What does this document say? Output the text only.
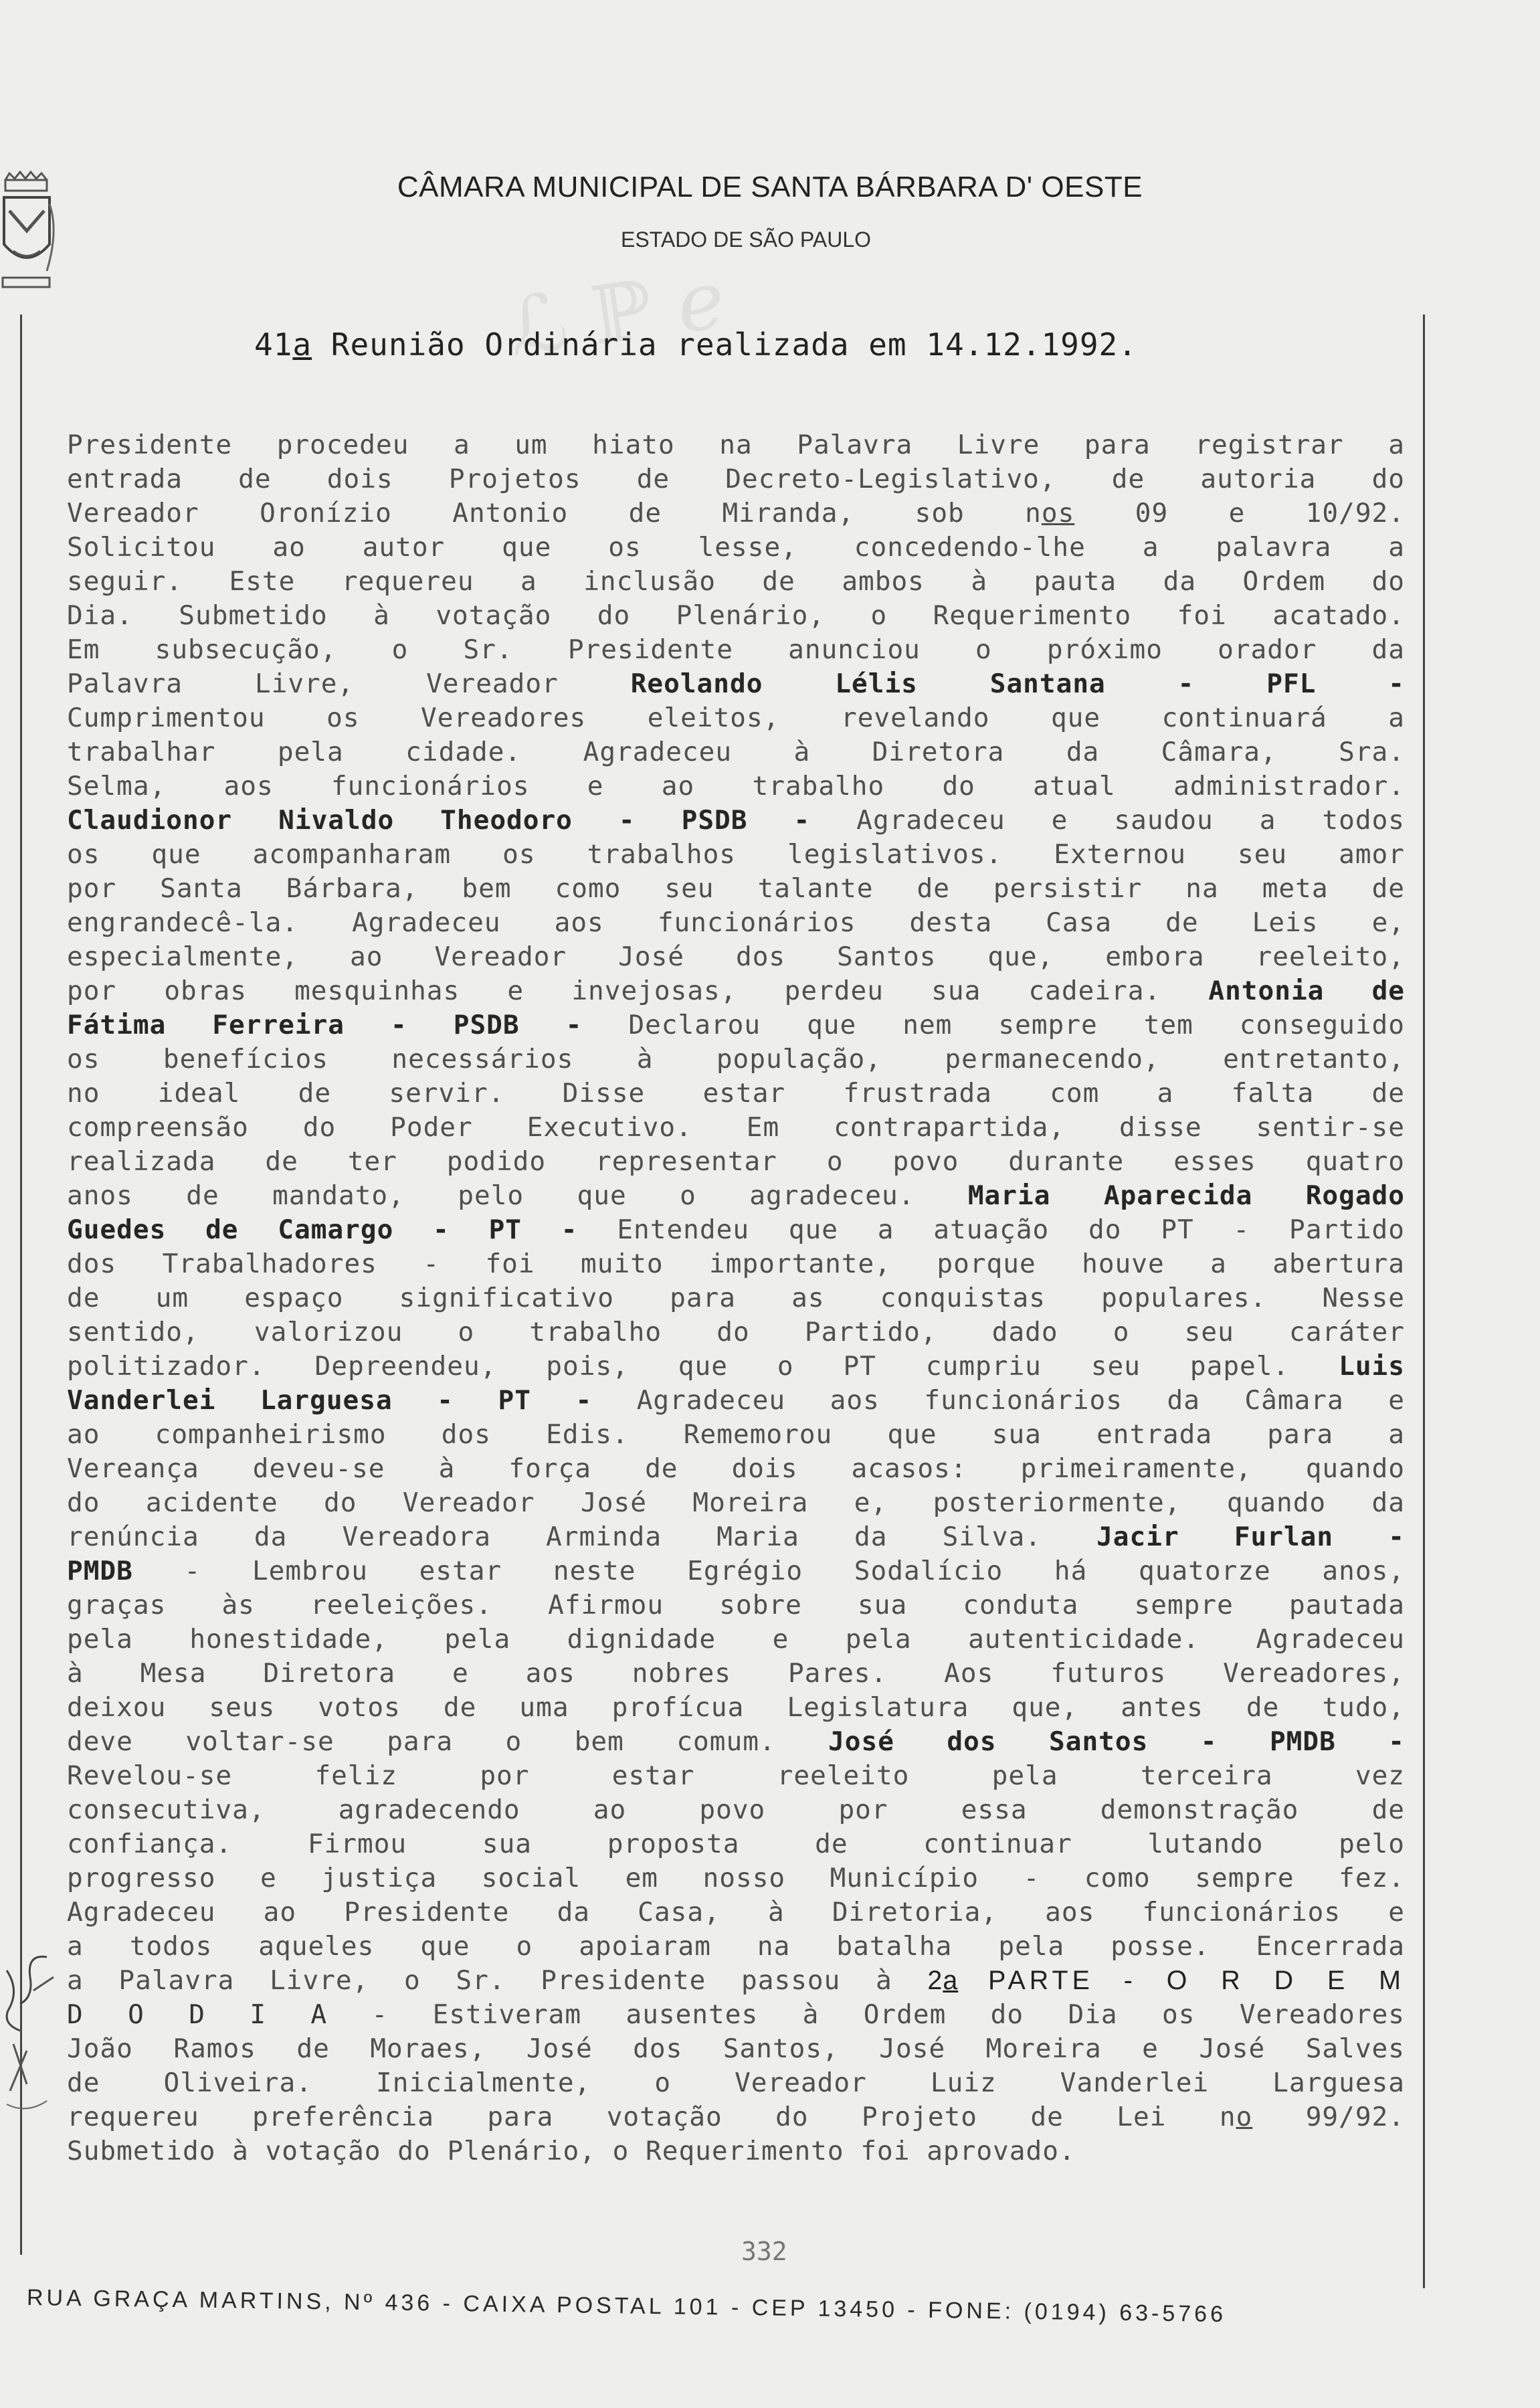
CÂMARA MUNICIPAL DE SANTA BÁRBARA D' OESTE
ESTADO DE SÃO PAULO
ℒ ℙ ℯ
41a Reunião Ordinária realizada em 14.12.1992.
Presidente procedeu a um hiato na Palavra Livre para registrar a
entrada de dois Projetos de Decreto-Legislativo, de autoria do
Vereador Oronízio Antonio de Miranda, sob nos 09 e 10/92.
Solicitou ao autor que os lesse, concedendo-lhe a palavra a
seguir. Este requereu a inclusão de ambos à pauta da Ordem do
Dia. Submetido à votação do Plenário, o Requerimento foi acatado.
Em subsecução, o Sr. Presidente anunciou o próximo orador da
Palavra Livre, Vereador Reolando Lélis Santana - PFL -
Cumprimentou os Vereadores eleitos, revelando que continuará a
trabalhar pela cidade. Agradeceu à Diretora da Câmara, Sra.
Selma, aos funcionários e ao trabalho do atual administrador.
Claudionor Nivaldo Theodoro - PSDB - Agradeceu e saudou a todos
os que acompanharam os trabalhos legislativos. Externou seu amor
por Santa Bárbara, bem como seu talante de persistir na meta de
engrandecê-la. Agradeceu aos funcionários desta Casa de Leis e,
especialmente, ao Vereador José dos Santos que, embora reeleito,
por obras mesquinhas e invejosas, perdeu sua cadeira. Antonia de
Fátima Ferreira - PSDB - Declarou que nem sempre tem conseguido
os benefícios necessários à população, permanecendo, entretanto,
no ideal de servir. Disse estar frustrada com a falta de
compreensão do Poder Executivo. Em contrapartida, disse sentir-se
realizada de ter podido representar o povo durante esses quatro
anos de mandato, pelo que o agradeceu. Maria Aparecida Rogado
Guedes de Camargo - PT - Entendeu que a atuação do PT - Partido
dos Trabalhadores - foi muito importante, porque houve a abertura
de um espaço significativo para as conquistas populares. Nesse
sentido, valorizou o trabalho do Partido, dado o seu caráter
politizador. Depreendeu, pois, que o PT cumpriu seu papel. Luis
Vanderlei Larguesa - PT - Agradeceu aos funcionários da Câmara e
ao companheirismo dos Edis. Rememorou que sua entrada para a
Vereança deveu-se à força de dois acasos: primeiramente, quando
do acidente do Vereador José Moreira e, posteriormente, quando da
renúncia da Vereadora Arminda Maria da Silva. Jacir Furlan -
PMDB - Lembrou estar neste Egrégio Sodalício há quatorze anos,
graças às reeleições. Afirmou sobre sua conduta sempre pautada
pela honestidade, pela dignidade e pela autenticidade. Agradeceu
à Mesa Diretora e aos nobres Pares. Aos futuros Vereadores,
deixou seus votos de uma profícua Legislatura que, antes de tudo,
deve voltar-se para o bem comum. José dos Santos - PMDB -
Revelou-se feliz por estar reeleito pela terceira vez
consecutiva, agradecendo ao povo por essa demonstração de
confiança. Firmou sua proposta de continuar lutando pelo
progresso e justiça social em nosso Município - como sempre fez.
Agradeceu ao Presidente da Casa, à Diretoria, aos funcionários e
a todos aqueles que o apoiaram na batalha pela posse. Encerrada
a Palavra Livre, o Sr. Presidente passou à 2a PARTE - O R D E M
D O D I A - Estiveram ausentes à Ordem do Dia os Vereadores
João Ramos de Moraes, José dos Santos, José Moreira e José Salves
de Oliveira. Inicialmente, o Vereador Luiz Vanderlei Larguesa
requereu preferência para votação do Projeto de Lei no 99/92.
Submetido à votação do Plenário, o Requerimento foi aprovado.
332
RUA GRAÇA MARTINS, Nº 436 - CAIXA POSTAL 101 - CEP 13450 - FONE: (0194) 63-5766
